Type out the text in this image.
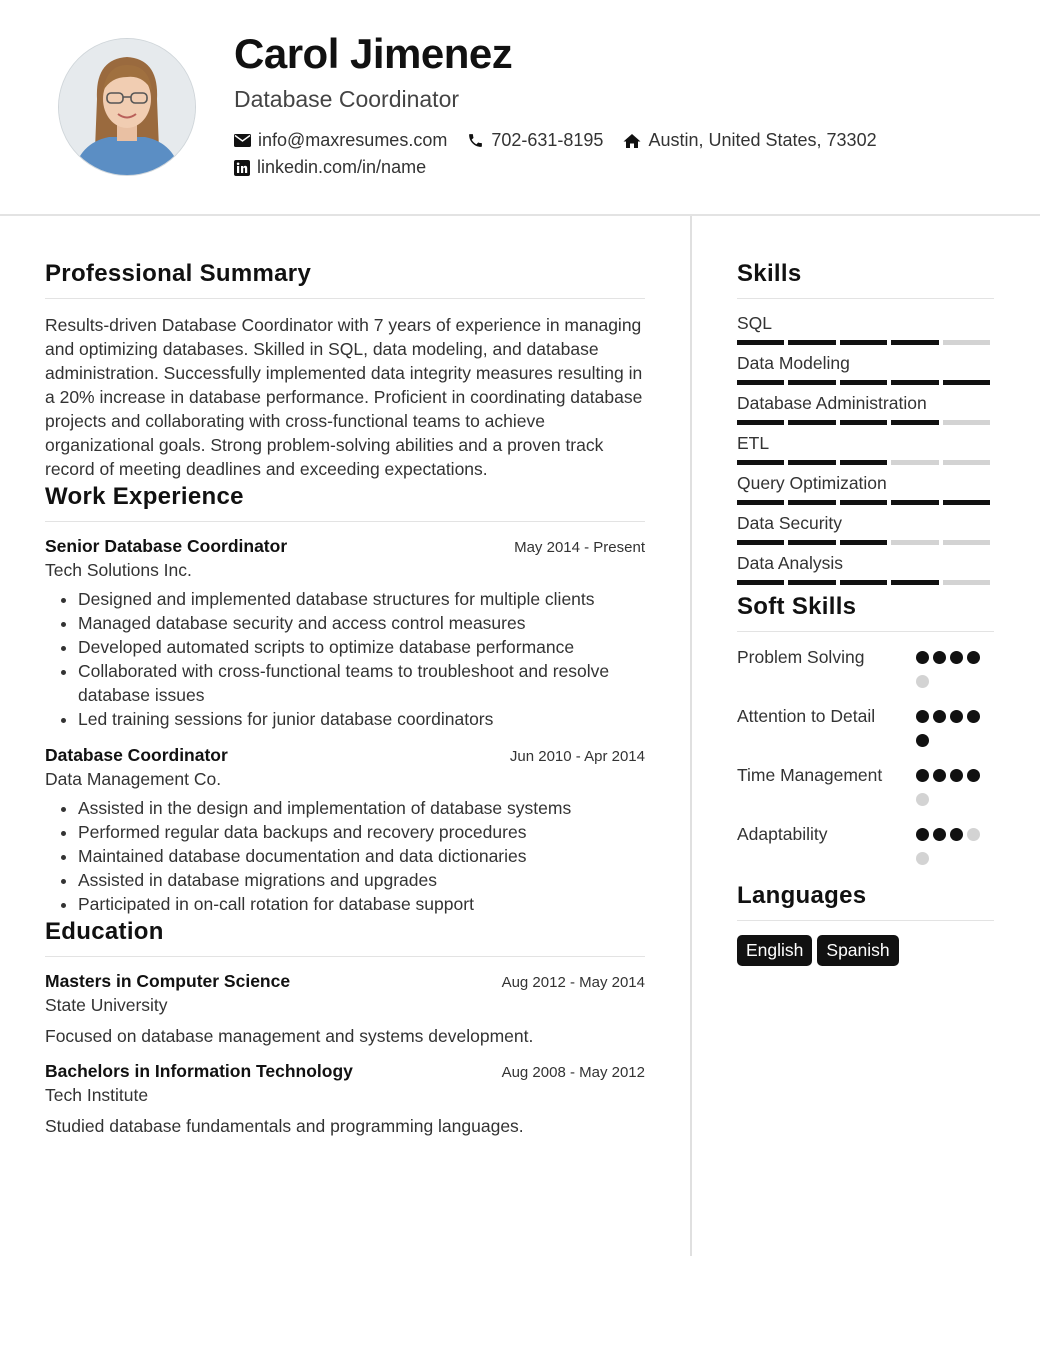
Carol Jimenez
Database Coordinator
info@maxresumes.com 702-631-8195	Austin, United States, 73302
linkedin.com/in/name
Professional Summary

Results-driven Database Coordinator with 7 years of experience in managing and optimizing databases. Skilled in SQL, data modeling, and database administration. Successfully implemented data integrity measures resulting in a 20% increase in database performance. Proficient in coordinating database projects and collaborating with cross-functional teams to achieve organizational goals. Strong problem-solving abilities and a proven track record of meeting deadlines and exceeding expectations.

Work Experience
Senior Database Coordinator	May 2014 - Present
Tech Solutions Inc.
• Designed and implemented database structures for multiple clients
• Managed database security and access control measures
• Developed automated scripts to optimize database performance
• Collaborated with cross-functional teams to troubleshoot and resolve database issues
• Led training sessions for junior database coordinators
Database Coordinator	Jun 2010 - Apr 2014
Data Management Co.
• Assisted in the design and implementation of database systems
• Performed regular data backups and recovery procedures
• Maintained database documentation and data dictionaries
• Assisted in database migrations and upgrades
• Participated in on-call rotation for database support
Education
Masters in Computer Science	Aug 2012 - May 2014
State University
Focused on database management and systems development.
Bachelors in Information Technology	Aug 2008 - May 2012
Tech Institute
Studied database fundamentals and programming languages.
Skills
SQL
Data Modeling
Database Administration
ETL
Query Optimization
Data Security
Data Analysis
Soft Skills
Problem Solving
Attention to Detail
Time Management
Adaptability
Languages
English	Spanish
